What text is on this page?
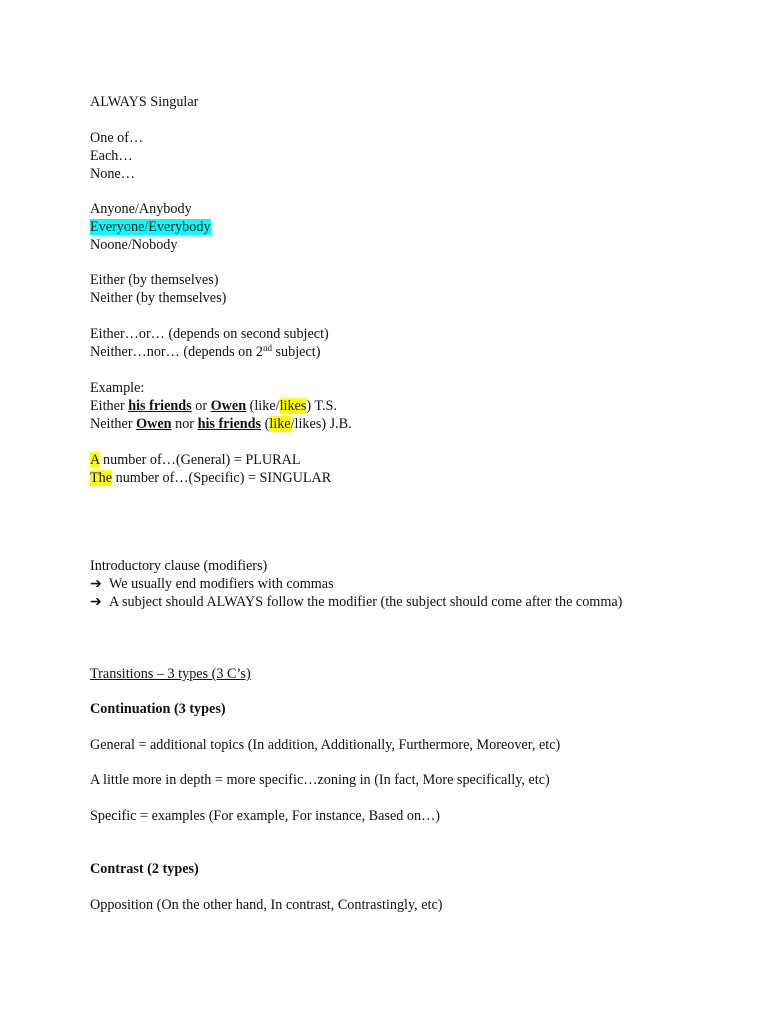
ALWAYS Singular
One of…
Each…
None…
Anyone/Anybody
Everyone/Everybody
Noone/Nobody
Either (by themselves)
Neither (by themselves)
Either…or… (depends on second subject)
Neither…nor… (depends on 2nd subject)
Example:
Either his friends or Owen (like/likes) T.S.
Neither Owen nor his friends (like/likes) J.B.
A number of…(General) = PLURAL
The number of…(Specific) = SINGULAR
Introductory clause (modifiers)
➔ We usually end modifiers with commas
➔ A subject should ALWAYS follow the modifier (the subject should come after the comma)
Transitions – 3 types (3 C’s)
Continuation (3 types)
General = additional topics (In addition, Additionally, Furthermore, Moreover, etc)
A little more in depth = more specific…zoning in (In fact, More specifically, etc)
Specific = examples (For example, For instance, Based on…)
Contrast (2 types)
Opposition (On the other hand, In contrast, Contrastingly, etc)
